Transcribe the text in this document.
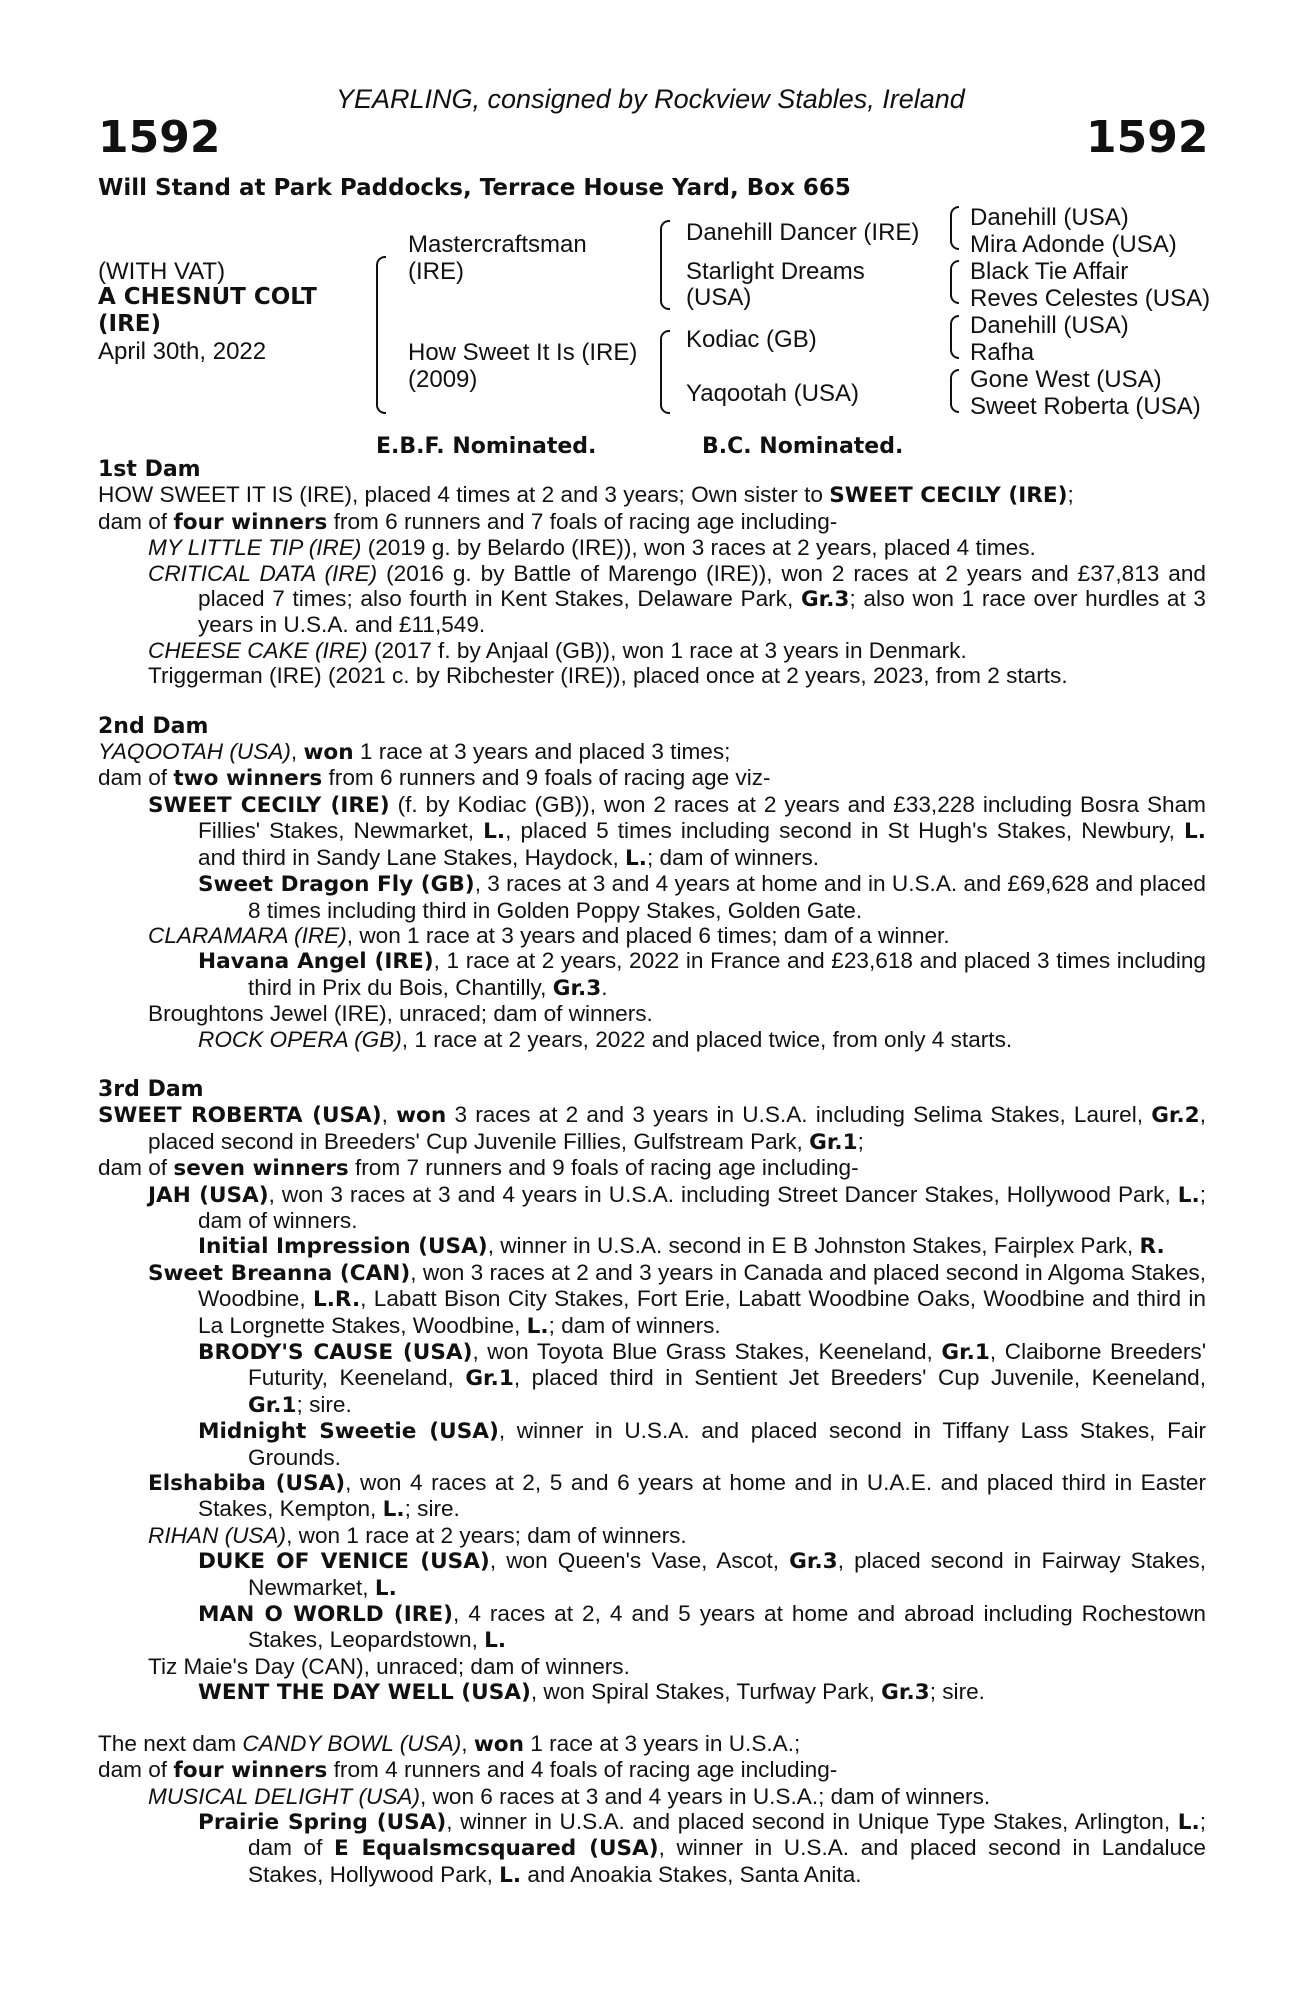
YEARLING, consigned by Rockview Stables, Ireland
1592	1592
Will Stand at Park Paddocks, Terrace House Yard, Box 665
(WITH VAT)
A CHESNUT COLT
(IRE)
April 30th, 2022
Mastercraftsman
(IRE)
How Sweet It Is (IRE)
(2009)
Danehill Dancer (IRE)
Starlight Dreams
(USA)
Kodiac (GB)
Yaqootah (USA)
Danehill (USA)
Mira Adonde (USA)
Black Tie Affair
Reves Celestes (USA)
Danehill (USA)
Rafha
Gone West (USA)
Sweet Roberta (USA)
E.B.F. Nominated.	B.C. Nominated.
1st Dam

HOW SWEET IT IS (IRE), placed 4 times at 2 and 3 years; Own sister to SWEET CECILY (IRE);

dam of four winners from 6 runners and 7 foals of racing age including-

MY LITTLE TIP (IRE) (2019 g. by Belardo (IRE)), won 3 races at 2 years, placed 4 times.

CRITICAL DATA (IRE) (2016 g. by Battle of Marengo (IRE)), won 2 races at 2 years and £37,813 and placed 7 times; also fourth in Kent Stakes, Delaware Park, Gr.3; also won 1 race over hurdles at 3 years in U.S.A. and £11,549.

CHEESE CAKE (IRE) (2017 f. by Anjaal (GB)), won 1 race at 3 years in Denmark.

Triggerman (IRE) (2021 c. by Ribchester (IRE)), placed once at 2 years, 2023, from 2 starts.

2nd Dam

YAQOOTAH (USA), won 1 race at 3 years and placed 3 times;

dam of two winners from 6 runners and 9 foals of racing age viz-

SWEET CECILY (IRE) (f. by Kodiac (GB)), won 2 races at 2 years and £33,228 including Bosra Sham Fillies' Stakes, Newmarket, L., placed 5 times including second in St Hugh's Stakes, Newbury, L. and third in Sandy Lane Stakes, Haydock, L.; dam of winners.

Sweet Dragon Fly (GB), 3 races at 3 and 4 years at home and in U.S.A. and £69,628 and placed 8 times including third in Golden Poppy Stakes, Golden Gate.

CLARAMARA (IRE), won 1 race at 3 years and placed 6 times; dam of a winner.

Havana Angel (IRE), 1 race at 2 years, 2022 in France and £23,618 and placed 3 times including third in Prix du Bois, Chantilly, Gr.3.

Broughtons Jewel (IRE), unraced; dam of winners.

ROCK OPERA (GB), 1 race at 2 years, 2022 and placed twice, from only 4 starts.

3rd Dam

SWEET ROBERTA (USA), won 3 races at 2 and 3 years in U.S.A. including Selima Stakes, Laurel, Gr.2, placed second in Breeders' Cup Juvenile Fillies, Gulfstream Park, Gr.1;

dam of seven winners from 7 runners and 9 foals of racing age including-

JAH (USA), won 3 races at 3 and 4 years in U.S.A. including Street Dancer Stakes, Hollywood Park, L.; dam of winners.

Initial Impression (USA), winner in U.S.A. second in E B Johnston Stakes, Fairplex Park, R.

Sweet Breanna (CAN), won 3 races at 2 and 3 years in Canada and placed second in Algoma Stakes, Woodbine, L.R., Labatt Bison City Stakes, Fort Erie, Labatt Woodbine Oaks, Woodbine and third in La Lorgnette Stakes, Woodbine, L.; dam of winners.

BRODY'S CAUSE (USA), won Toyota Blue Grass Stakes, Keeneland, Gr.1, Claiborne Breeders' Futurity, Keeneland, Gr.1, placed third in Sentient Jet Breeders' Cup Juvenile, Keeneland, Gr.1; sire.

Midnight Sweetie (USA), winner in U.S.A. and placed second in Tiffany Lass Stakes, Fair Grounds.

Elshabiba (USA), won 4 races at 2, 5 and 6 years at home and in U.A.E. and placed third in Easter Stakes, Kempton, L.; sire.

RIHAN (USA), won 1 race at 2 years; dam of winners.

DUKE OF VENICE (USA), won Queen's Vase, Ascot, Gr.3, placed second in Fairway Stakes, Newmarket, L.

MAN O WORLD (IRE), 4 races at 2, 4 and 5 years at home and abroad including Rochestown Stakes, Leopardstown, L.

Tiz Maie's Day (CAN), unraced; dam of winners.

WENT THE DAY WELL (USA), won Spiral Stakes, Turfway Park, Gr.3; sire.

The next dam CANDY BOWL (USA), won 1 race at 3 years in U.S.A.;

dam of four winners from 4 runners and 4 foals of racing age including-

MUSICAL DELIGHT (USA), won 6 races at 3 and 4 years in U.S.A.; dam of winners.

Prairie Spring (USA), winner in U.S.A. and placed second in Unique Type Stakes, Arlington, L.; dam of E Equalsmcsquared (USA), winner in U.S.A. and placed second in Landaluce Stakes, Hollywood Park, L. and Anoakia Stakes, Santa Anita.
